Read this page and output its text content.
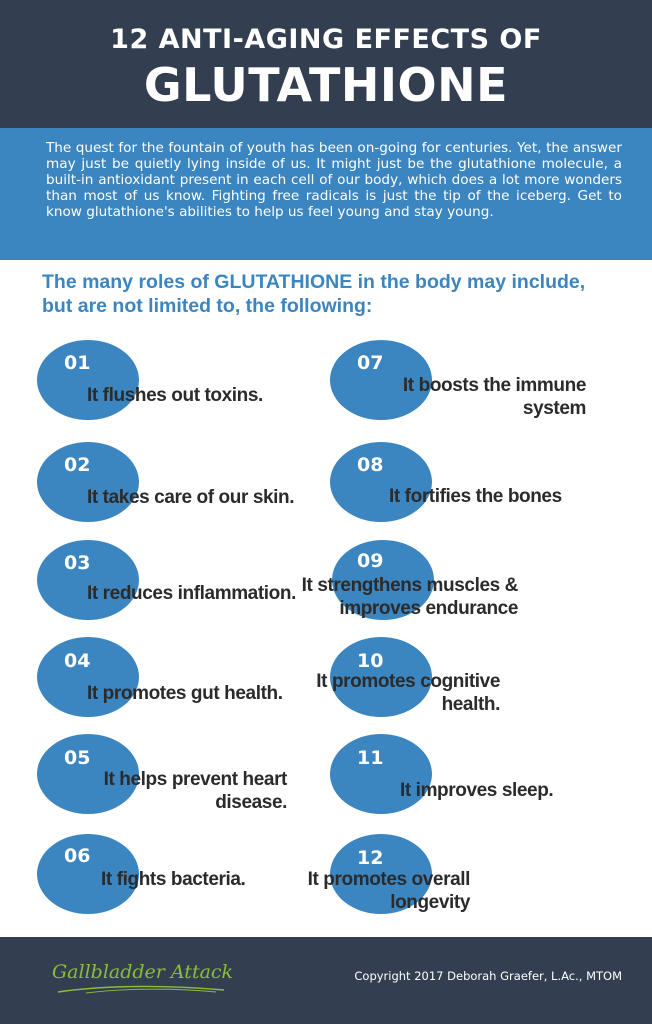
12 ANTI-AGING EFFECTS OF
GLUTATHIONE
The quest for the fountain of youth has been on-going for centuries. Yet, the answer may just be quietly lying inside of us. It might just be the glutathione molecule, a built-in antioxidant present in each cell of our body, which does a lot more wonders than most of us know. Fighting free radicals is just the tip of the iceberg. Get to know glutathione's abilities to help us feel young and stay young.
The many roles of GLUTATHIONE in the body may include, but are not limited to, the following:
01
It flushes out toxins.
02
It takes care of our skin.
03
It reduces inflammation.
04
It promotes gut health.
05
It helps prevent heart
disease.
06
It fights bacteria.
07
It boosts the immune
system
08
It fortifies the bones
09
It strengthens muscles &
improves endurance
10
It promotes cognitive
health.
11
It improves sleep.
12
It promotes overall
longevity
Gallbladder Attack	Copyright 2017 Deborah Graefer, L.Ac., MTOM
